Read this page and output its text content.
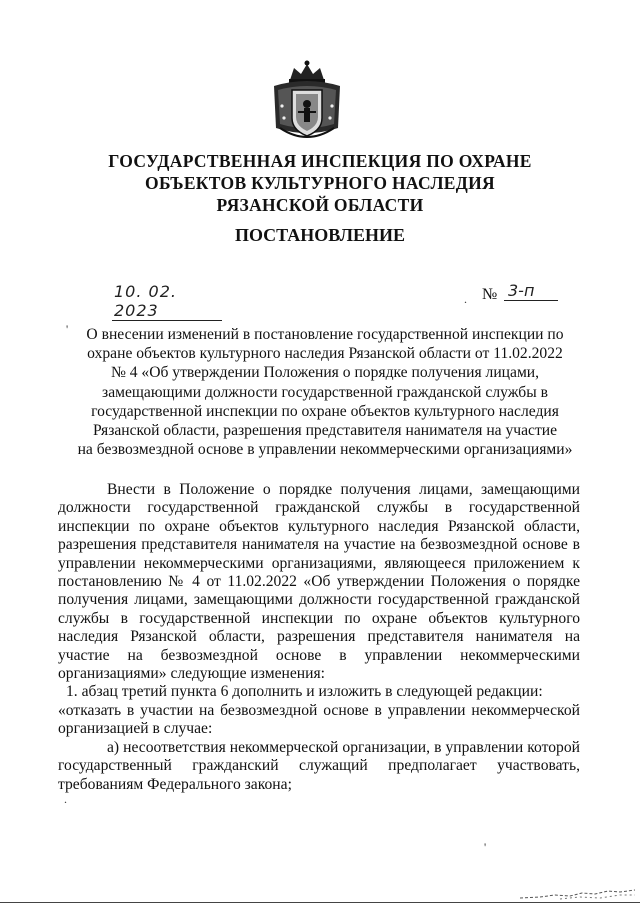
ГОСУДАРСТВЕННАЯ ИНСПЕКЦИЯ ПО ОХРАНЕ
ОБЪЕКТОВ КУЛЬТУРНОГО НАСЛЕДИЯ
РЯЗАНСКОЙ ОБЛАСТИ
ПОСТАНОВЛЕНИЕ
10. 02. 2023
. № 3-п
'	О внесении изменений в постановление государственной инспекции по
охране объектов культурного наследия Рязанской области от 11.02.2022
№ 4 «Об утверждении Положения о порядке получения лицами,
замещающими должности государственной гражданской службы в
государственной инспекции по охране объектов культурного наследия
Рязанской области, разрешения представителя нанимателя на участие
на безвозмездной основе в управлении некоммерческими организациями»

Внести в Положение о порядке получения лицами, замещающими должности государственной гражданской службы в государственной инспекции по охране объектов культурного наследия Рязанской области, разрешения представителя нанимателя на участие на безвозмездной основе в управлении некоммерческими организациями, являющееся приложением к постановлению № 4 от 11.02.2022 «Об утверждении Положения о порядке получения лицами, замещающими должности государственной гражданской службы в государственной инспекции по охране объектов культурного наследия Рязанской области, разрешения представителя нанимателя на участие на безвозмездной основе в управлении некоммерческими организациями» следующие изменения:

1. абзац третий пункта 6 дополнить и изложить в следующей редакции:

«отказать в участии на безвозмездной основе в управлении некоммерческой организацией в случае:

а) несоответствия некоммерческой организации, в управлении которой государственный гражданский служащий предполагает участвовать, требованиям Федерального закона;

.
'
